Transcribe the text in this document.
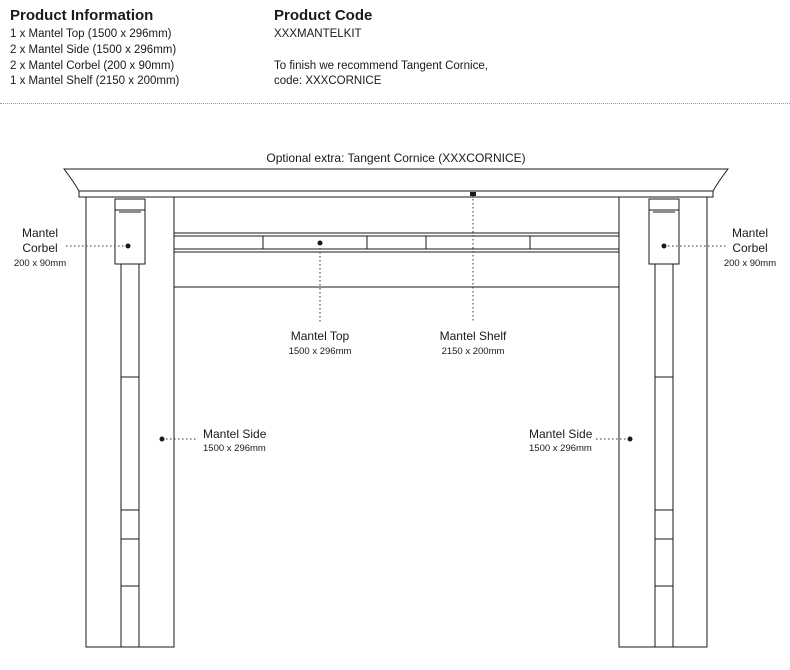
Product Information
1 x Mantel Top (1500 x 296mm)
2 x Mantel Side (1500 x 296mm)
2 x Mantel Corbel (200 x 90mm)
1 x Mantel Shelf (2150 x 200mm)
Product Code
XXXMANTELKIT
To finish we recommend Tangent Cornice,
code: XXXCORNICE
Optional extra: Tangent Cornice (XXXCORNICE)
Mantel
Corbel
200 x 90mm
Mantel
Corbel
200 x 90mm
Mantel Top
1500 x 296mm
Mantel Shelf
2150 x 200mm
Mantel Side
1500 x 296mm
Mantel Side
1500 x 296mm
